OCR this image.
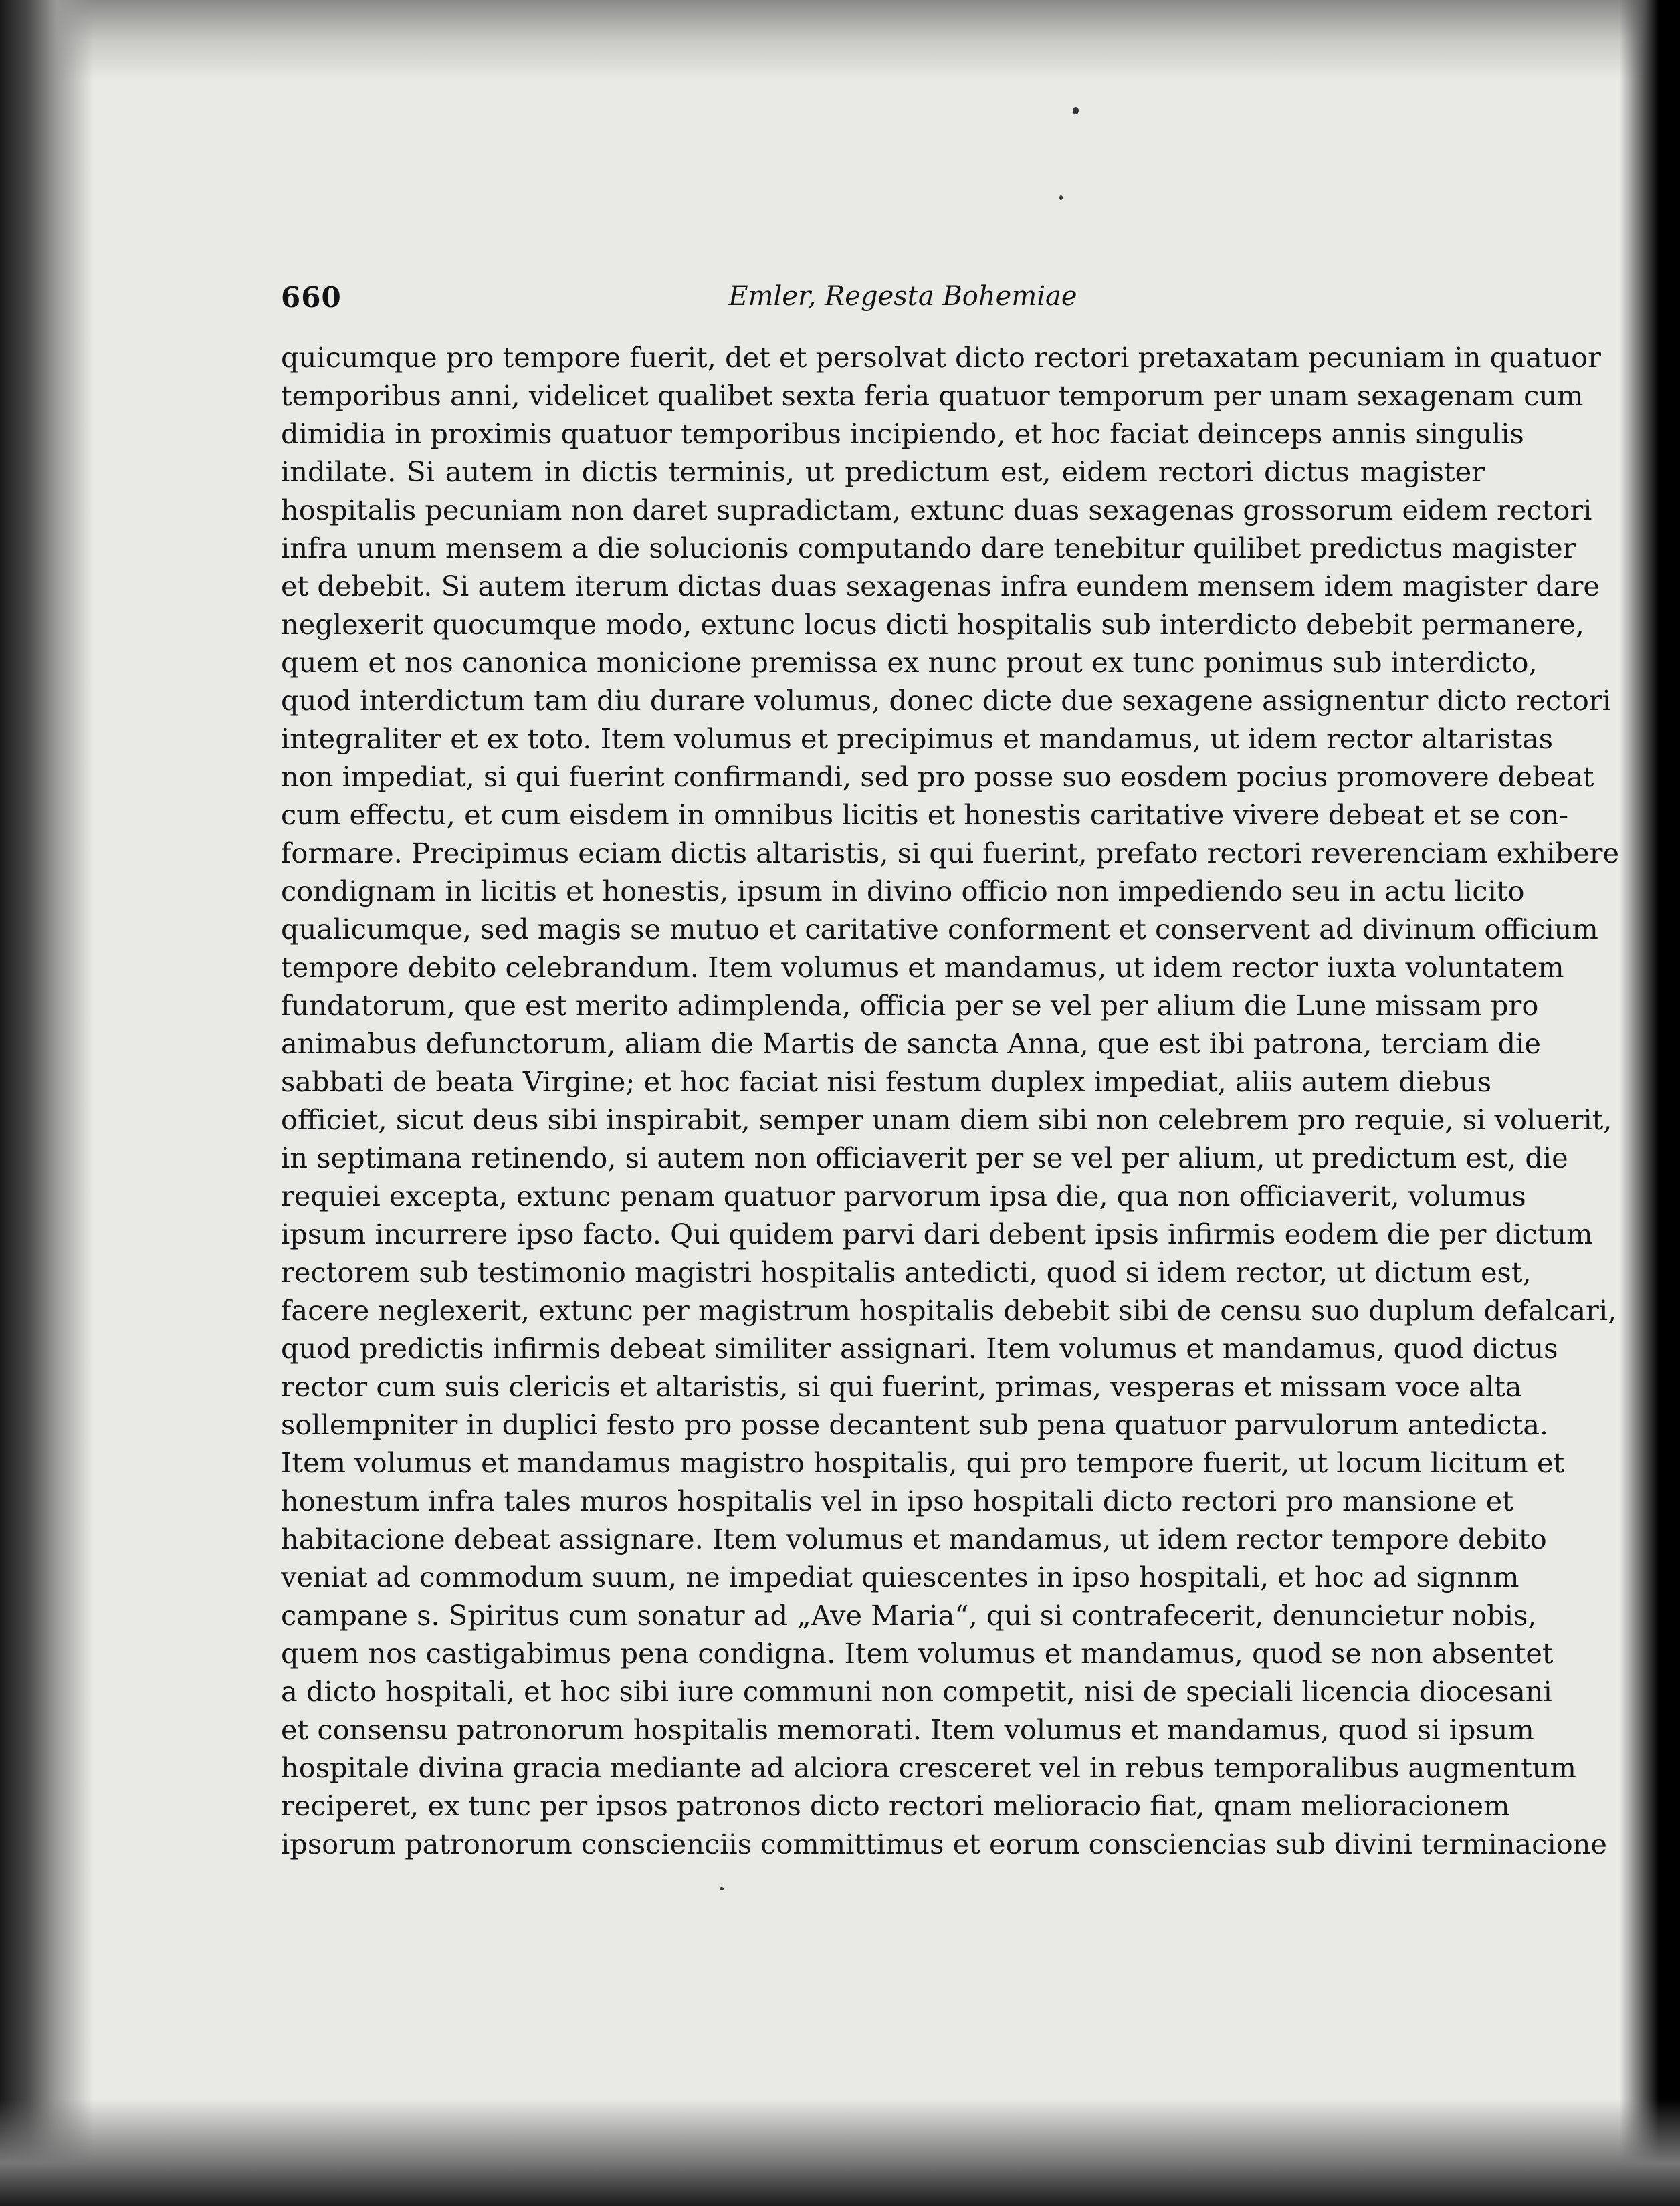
660	Emler, Regesta Bohemiae
quicumque pro tempore fuerit, det et persolvat dicto rectori pretaxatam pecuniam in quatuor
temporibus anni, videlicet qualibet sexta feria quatuor temporum per unam sexagenam cum
dimidia in proximis quatuor temporibus incipiendo, et hoc faciat deinceps annis singulis
indilate. Si autem in dictis terminis, ut predictum est, eidem rectori dictus magister
hospitalis pecuniam non daret supradictam, extunc duas sexagenas grossorum eidem rectori
infra unum mensem a die solucionis computando dare tenebitur quilibet predictus magister
et debebit. Si autem iterum dictas duas sexagenas infra eundem mensem idem magister dare
neglexerit quocumque modo, extunc locus dicti hospitalis sub interdicto debebit permanere,
quem et nos canonica monicione premissa ex nunc prout ex tunc ponimus sub interdicto,
quod interdictum tam diu durare volumus, donec dicte due sexagene assignentur dicto rectori
integraliter et ex toto. Item volumus et precipimus et mandamus, ut idem rector altaristas
non impediat, si qui fuerint confirmandi, sed pro posse suo eosdem pocius promovere debeat
cum effectu, et cum eisdem in omnibus licitis et honestis caritative vivere debeat et se con-
formare. Precipimus eciam dictis altaristis, si qui fuerint, prefato rectori reverenciam exhibere
condignam in licitis et honestis, ipsum in divino officio non impediendo seu in actu licito
qualicumque, sed magis se mutuo et caritative conforment et conservent ad divinum officium
tempore debito celebrandum. Item volumus et mandamus, ut idem rector iuxta voluntatem
fundatorum, que est merito adimplenda, officia per se vel per alium die Lune missam pro
animabus defunctorum, aliam die Martis de sancta Anna, que est ibi patrona, terciam die
sabbati de beata Virgine; et hoc faciat nisi festum duplex impediat, aliis autem diebus
officiet, sicut deus sibi inspirabit, semper unam diem sibi non celebrem pro requie, si voluerit,
in septimana retinendo, si autem non officiaverit per se vel per alium, ut predictum est, die
requiei excepta, extunc penam quatuor parvorum ipsa die, qua non officiaverit, volumus
ipsum incurrere ipso facto. Qui quidem parvi dari debent ipsis infirmis eodem die per dictum
rectorem sub testimonio magistri hospitalis antedicti, quod si idem rector, ut dictum est,
facere neglexerit, extunc per magistrum hospitalis debebit sibi de censu suo duplum defalcari,
quod predictis infirmis debeat similiter assignari. Item volumus et mandamus, quod dictus
rector cum suis clericis et altaristis, si qui fuerint, primas, vesperas et missam voce alta
sollempniter in duplici festo pro posse decantent sub pena quatuor parvulorum antedicta.
Item volumus et mandamus magistro hospitalis, qui pro tempore fuerit, ut locum licitum et
honestum infra tales muros hospitalis vel in ipso hospitali dicto rectori pro mansione et
habitacione debeat assignare. Item volumus et mandamus, ut idem rector tempore debito
veniat ad commodum suum, ne impediat quiescentes in ipso hospitali, et hoc ad signnm
campane s. Spiritus cum sonatur ad „Ave Maria“, qui si contrafecerit, denuncietur nobis,
quem nos castigabimus pena condigna. Item volumus et mandamus, quod se non absentet
a dicto hospitali, et hoc sibi iure communi non competit, nisi de speciali licencia diocesani
et consensu patronorum hospitalis memorati. Item volumus et mandamus, quod si ipsum
hospitale divina gracia mediante ad alciora cresceret vel in rebus temporalibus augmentum
reciperet, ex tunc per ipsos patronos dicto rectori melioracio fiat, qnam melioracionem
ipsorum patronorum conscienciis committimus et eorum consciencias sub divini terminacione
